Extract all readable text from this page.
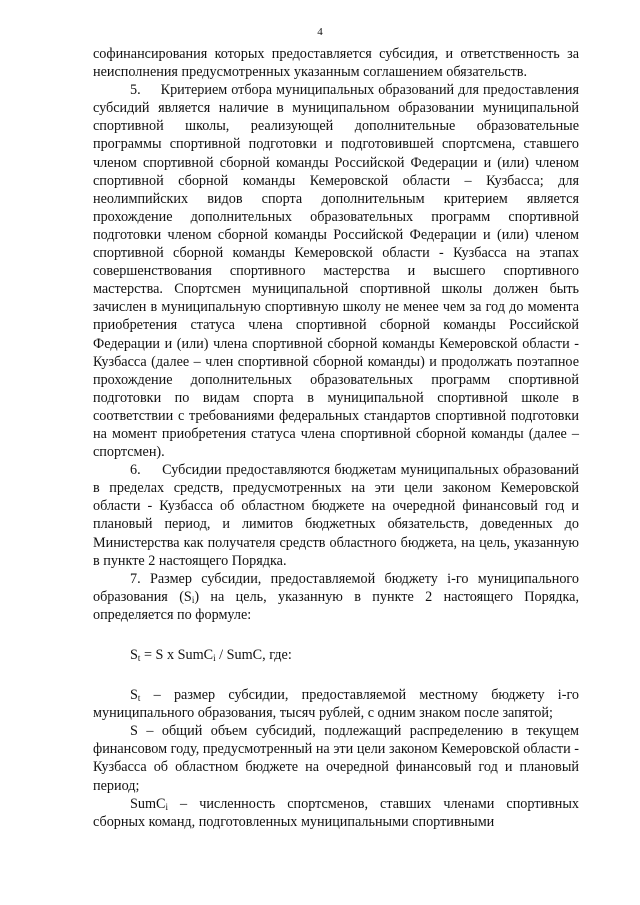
4

софинансирования которых предоставляется субсидия, и ответственность за неисполнения предусмотренных указанным соглашением обязательств.

5.     Критерием отбора муниципальных образований для предоставления субсидий является наличие в муниципальном образовании муниципальной спортивной школы, реализующей дополнительные образовательные программы спортивной подготовки и подготовившей спортсмена, ставшего членом спортивной сборной команды Российской Федерации и (или) членом спортивной сборной команды Кемеровской области – Кузбасса; для неолимпийских видов спорта дополнительным критерием является прохождение дополнительных образовательных программ спортивной подготовки членом сборной команды Российской Федерации и (или) членом спортивной сборной команды Кемеровской области - Кузбасса на этапах совершенствования спортивного мастерства и высшего спортивного мастерства. Спортсмен муниципальной спортивной школы должен быть зачислен в муниципальную спортивную школу не менее чем за год до момента приобретения статуса члена спортивной сборной команды Российской Федерации и (или) члена спортивной сборной команды Кемеровской области - Кузбасса (далее – член спортивной сборной команды) и продолжать поэтапное прохождение дополнительных образовательных программ спортивной подготовки по видам спорта в муниципальной спортивной школе в соответствии с требованиями федеральных стандартов спортивной подготовки на момент приобретения статуса члена спортивной сборной команды (далее – спортсмен).

6.     Субсидии предоставляются бюджетам муниципальных образований в пределах средств, предусмотренных на эти цели законом Кемеровской области - Кузбасса об областном бюджете на очередной финансовый год и плановый период, и лимитов бюджетных обязательств, доведенных до Министерства как получателя средств областного бюджета, на цель, указанную в пункте 2 настоящего Порядка.

7. Размер субсидии, предоставляемой бюджету i-го муниципального образования $(S_i)$ на цель, указанную в пункте 2 настоящего Порядка, определяется по формуле:

$S_t = S$ x SumC$_i$ / SumC, где:

$S_t$ – размер субсидии, предоставляемой местному бюджету i-го муниципального образования, тысяч рублей, с одним знаком после запятой;

S – общий объем субсидий, подлежащий распределению в текущем финансовом году, предусмотренный на эти цели законом Кемеровской области - Кузбасса об областном бюджете на очередной финансовый год и плановый период;

SumC$_i$ – численность спортсменов, ставших членами спортивных сборных команд, подготовленных муниципальными спортивными
